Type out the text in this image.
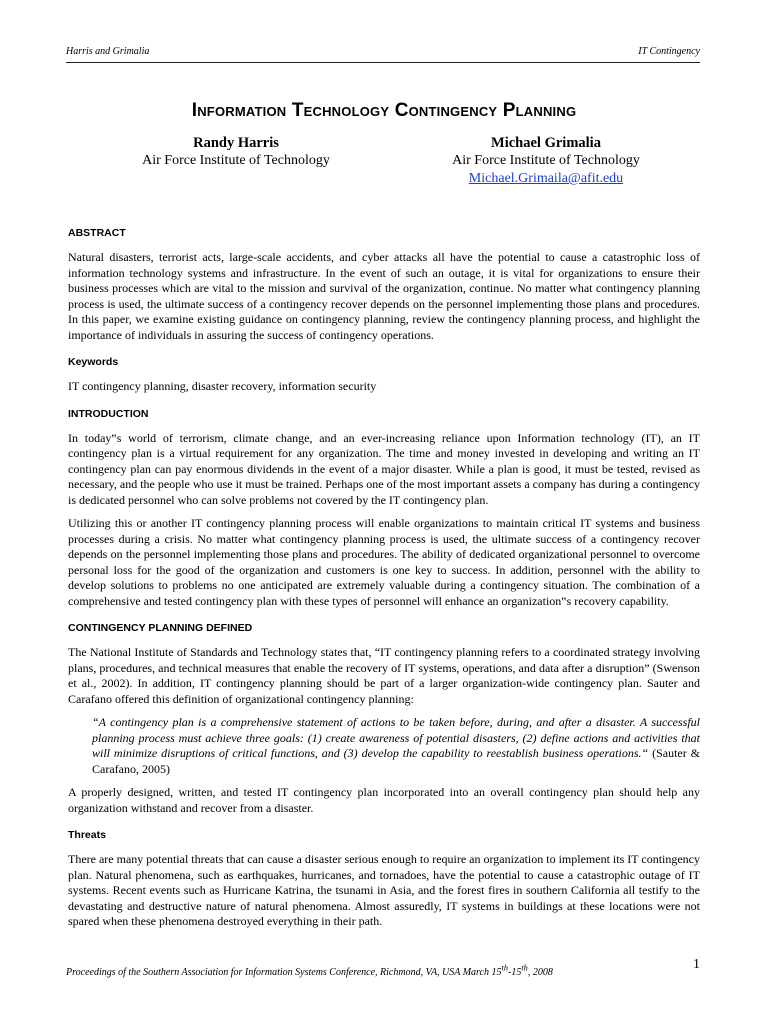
Harris and Grimalia	IT Contingency
Information Technology Contingency Planning
Randy Harris
Air Force Institute of Technology
Michael Grimalia
Air Force Institute of Technology
Michael.Grimaila@afit.edu
ABSTRACT

Natural disasters, terrorist acts, large-scale accidents, and cyber attacks all have the potential to cause a catastrophic loss of information technology systems and infrastructure. In the event of such an outage, it is vital for organizations to ensure their business processes which are vital to the mission and survival of the organization, continue. No matter what contingency planning process is used, the ultimate success of a contingency recover depends on the personnel implementing those plans and procedures. In this paper, we examine existing guidance on contingency planning, review the contingency planning process, and highlight the importance of individuals in assuring the success of contingency operations.

Keywords

IT contingency planning, disaster recovery, information security

INTRODUCTION

In today‟s world of terrorism, climate change, and an ever-increasing reliance upon Information technology (IT), an IT contingency plan is a virtual requirement for any organization. The time and money invested in developing and writing an IT contingency plan can pay enormous dividends in the event of a major disaster. While a plan is good, it must be tested, revised as necessary, and the people who use it must be trained. Perhaps one of the most important assets a company has during a contingency is dedicated personnel who can solve problems not covered by the IT contingency plan.

Utilizing this or another IT contingency planning process will enable organizations to maintain critical IT systems and business processes during a crisis. No matter what contingency planning process is used, the ultimate success of a contingency recover depends on the personnel implementing those plans and procedures. The ability of dedicated organizational personnel to overcome personal loss for the good of the organization and customers is one key to success. In addition, personnel with the ability to develop solutions to problems no one anticipated are extremely valuable during a contingency situation. The combination of a comprehensive and tested contingency plan with these types of personnel will enhance an organization‟s recovery capability.

CONTINGENCY PLANNING DEFINED

The National Institute of Standards and Technology states that, “IT contingency planning refers to a coordinated strategy involving plans, procedures, and technical measures that enable the recovery of IT systems, operations, and data after a disruption” (Swenson et al., 2002). In addition, IT contingency planning should be part of a larger organization-wide contingency plan. Sauter and Carafano offered this definition of organizational contingency planning:

“A contingency plan is a comprehensive statement of actions to be taken before, during, and after a disaster. A successful planning process must achieve three goals: (1) create awareness of potential disasters, (2) define actions and activities that will minimize disruptions of critical functions, and (3) develop the capability to reestablish business operations.“ (Sauter & Carafano, 2005)

A properly designed, written, and tested IT contingency plan incorporated into an overall contingency plan should help any organization withstand and recover from a disaster.

Threats

There are many potential threats that can cause a disaster serious enough to require an organization to implement its IT contingency plan. Natural phenomena, such as earthquakes, hurricanes, and tornadoes, have the potential to cause a catastrophic outage of IT systems. Recent events such as Hurricane Katrina, the tsunami in Asia, and the forest fires in southern California all testify to the devastating and destructive nature of natural phenomena. Almost assuredly, IT systems in buildings at these locations were not spared when these phenomena destroyed everything in their path.

Proceedings of the Southern Association for Information Systems Conference, Richmond, VA, USA March 15th-15th, 2008
1
